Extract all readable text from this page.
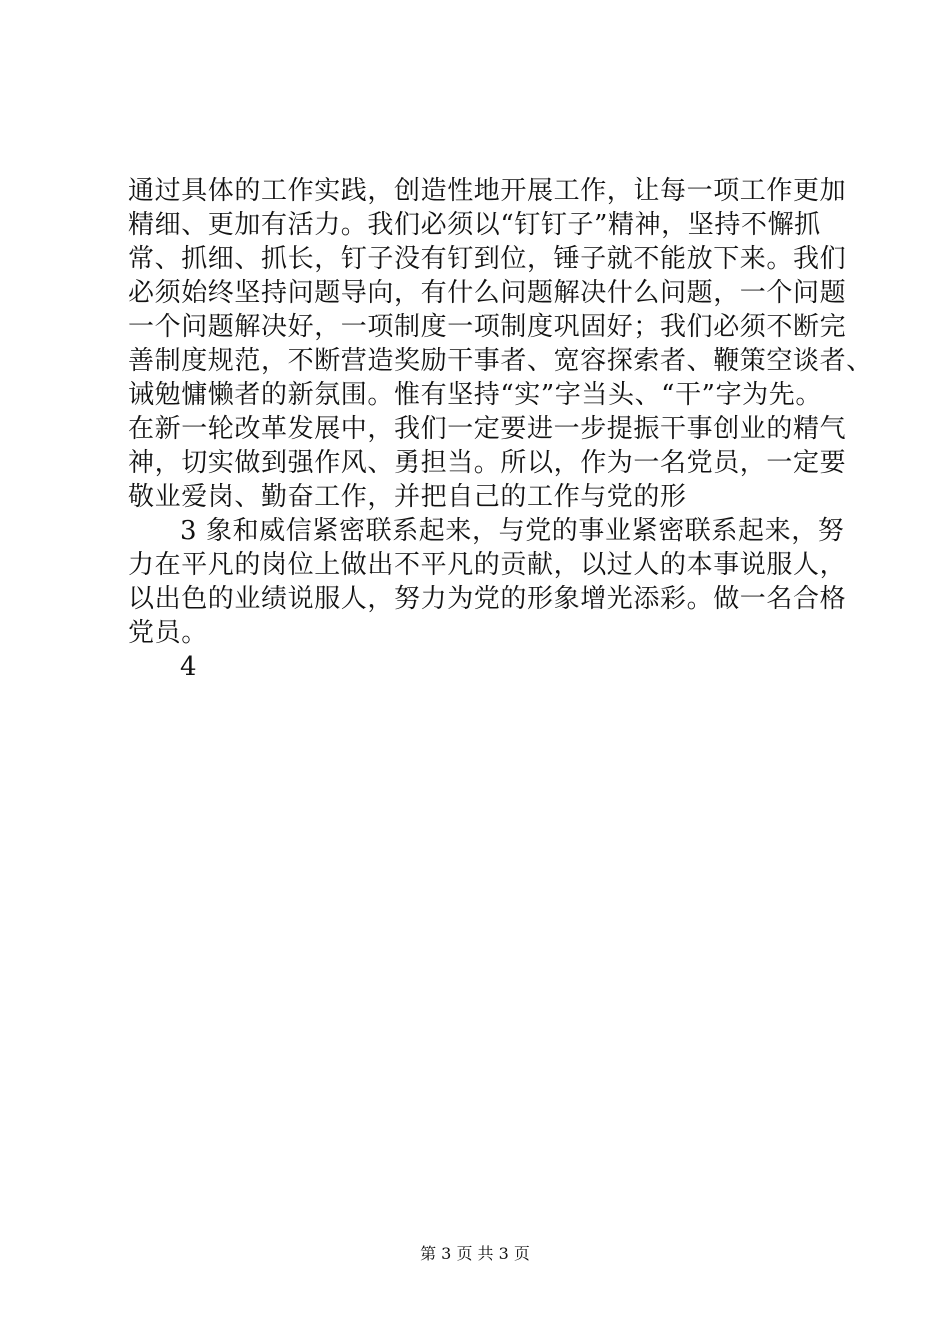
通过具体的工作实践，创造性地开展工作，让每一项工作更加
精细、更加有活力。我们必须以“钉钉子”精神，坚持不懈抓
常、抓细、抓长，钉子没有钉到位，锤子就不能放下来。我们
必须始终坚持问题导向，有什么问题解决什么问题，一个问题
一个问题解决好，一项制度一项制度巩固好；我们必须不断完
善制度规范，不断营造奖励干事者、宽容探索者、鞭策空谈者、
诫勉慵懒者的新氛围。惟有坚持“实”字当头、“干”字为先。
在新一轮改革发展中，我们一定要进一步提振干事创业的精气
神，切实做到强作风、勇担当。所以，作为一名党员，一定要
敬业爱岗、勤奋工作，并把自己的工作与党的形
3 象和威信紧密联系起来，与党的事业紧密联系起来，努
力在平凡的岗位上做出不平凡的贡献，以过人的本事说服人，
以出色的业绩说服人，努力为党的形象增光添彩。做一名合格
党员。
4
第 3 页 共 3 页
